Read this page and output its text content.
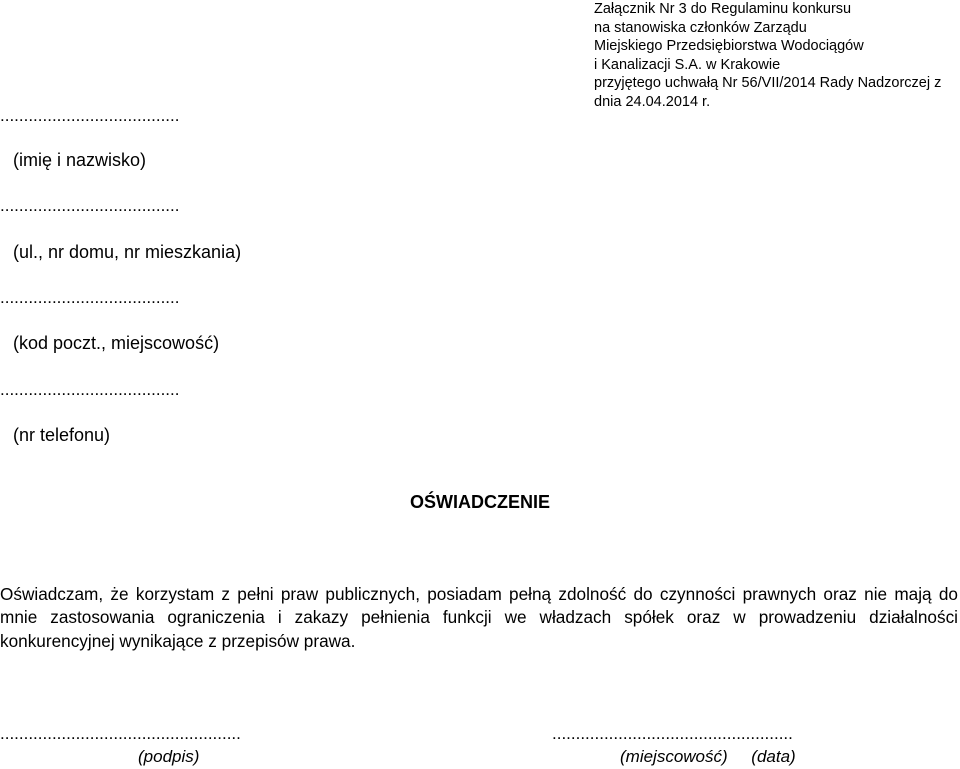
Załącznik Nr 3 do Regulaminu konkursu
na stanowiska członków Zarządu
Miejskiego Przedsiębiorstwa Wodociągów
i Kanalizacji S.A. w Krakowie
przyjętego uchwałą Nr 56/VII/2014 Rady Nadzorczej z
dnia 24.04.2014 r.
......................................
(imię i nazwisko)
......................................
(ul., nr domu, nr mieszkania)
......................................
(kod poczt., miejscowość)
......................................
(nr telefonu)
OŚWIADCZENIE
Oświadczam, że korzystam z pełni praw publicznych, posiadam pełną zdolność do czynności prawnych oraz nie mają do mnie zastosowania ograniczenia i zakazy pełnienia funkcji we władzach spółek oraz w prowadzeniu działalności konkurencyjnej wynikające z przepisów prawa.
...................................................
(podpis)
...................................................
(miejscowość)     (data)
